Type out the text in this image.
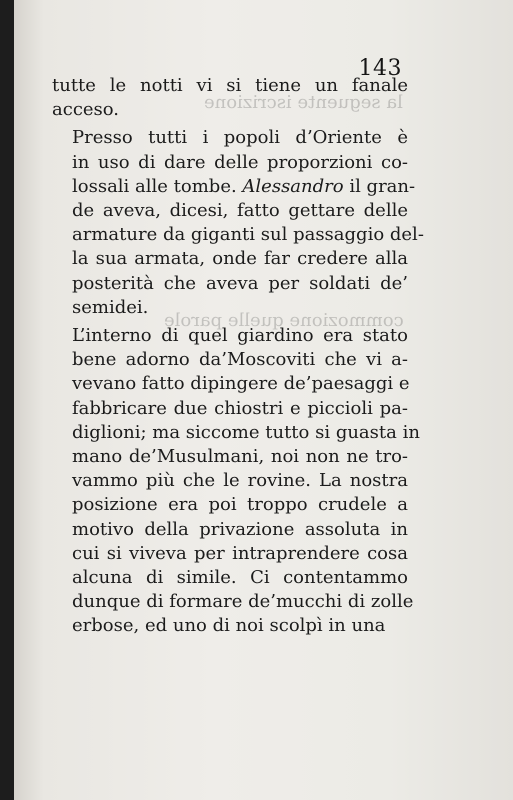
la seguente iscrizione
commozione quelle parole
143

tutte le notti vi si tiene un fanale
acceso.

Presso tutti i popoli d’Oriente è
in uso di dare delle proporzioni co-
lossali alle tombe. Alessandro il gran-
de aveva, dicesi, fatto gettare delle
armature da giganti sul passaggio del-
la sua armata, onde far credere alla
posterità che aveva per soldati de’
semidei.

L’interno di quel giardino era stato
bene adorno da’Moscoviti che vi a-
vevano fatto dipingere de’paesaggi e
fabbricare due chiostri e piccioli pa-
diglioni; ma siccome tutto si guasta in
mano de’Musulmani, noi non ne tro-
vammo più che le rovine. La nostra
posizione era poi troppo crudele a
motivo della privazione assoluta in
cui si viveva per intraprendere cosa
alcuna di simile. Ci contentammo
dunque di formare de’mucchi di zolle
erbose, ed uno di noi scolpì in una
